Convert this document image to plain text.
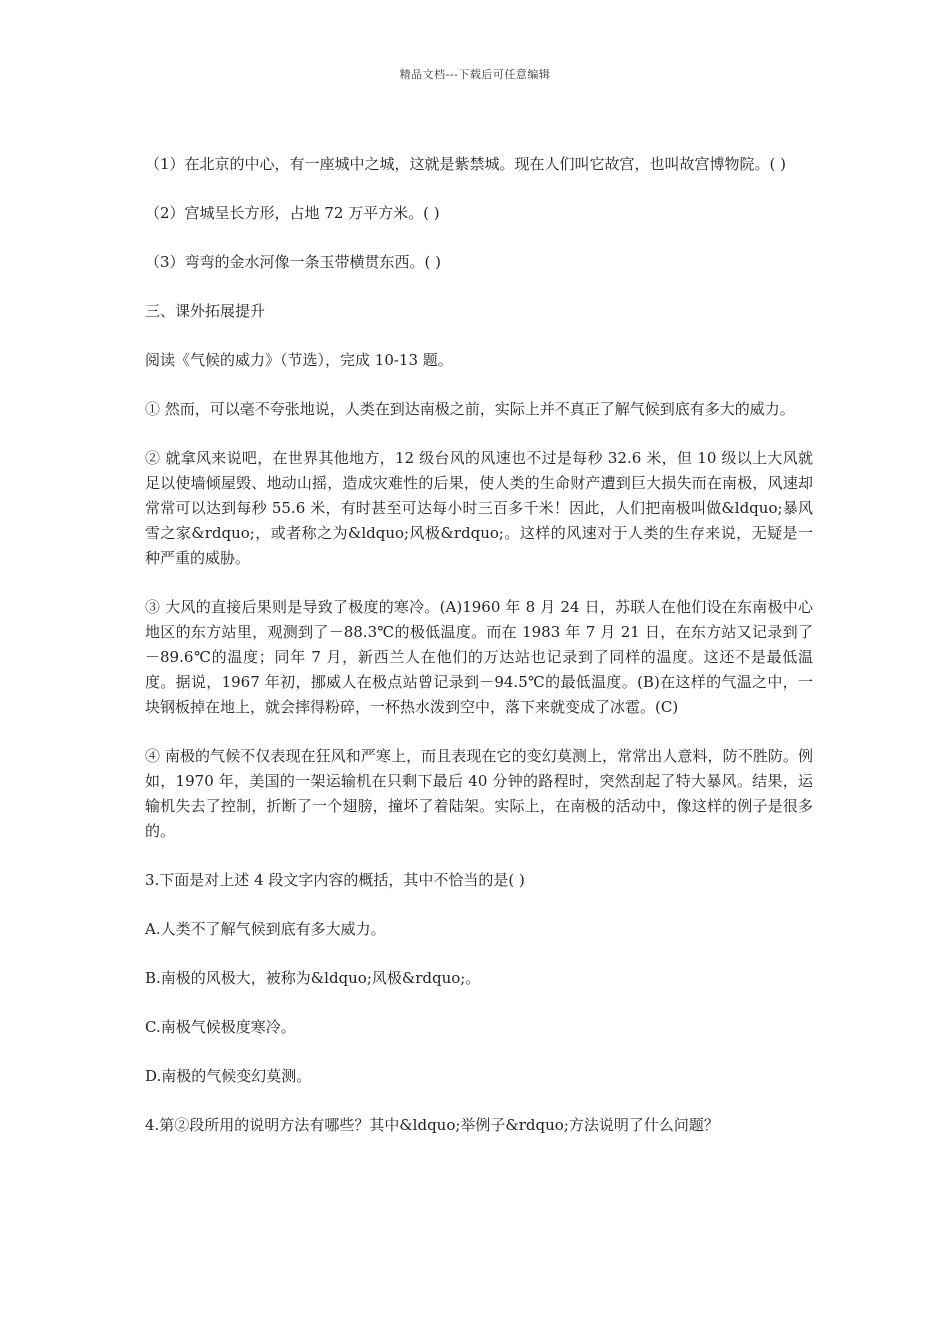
精品文档---下载后可任意编辑

（1）在北京的中心，有一座城中之城，这就是紫禁城。现在人们叫它故宫，也叫故宫博物院。( )

（2）宫城呈长方形，占地 72 万平方米。( )

（3）弯弯的金水河像一条玉带横贯东西。( )

三、课外拓展提升

阅读《气候的威力》（节选），完成 10-13 题。

① 然而，可以毫不夸张地说，人类在到达南极之前，实际上并不真正了解气候到底有多大的威力。

② 就拿风来说吧，在世界其他地方，12 级台风的风速也不过是每秒 32.6 米，但 10 级以上大风就足以使墙倾屋毁、地动山摇，造成灾难性的后果，使人类的生命财产遭到巨大损失而在南极，风速却常常可以达到每秒 55.6 米，有时甚至可达每小时三百多千米！因此，人们把南极叫做&ldquo;暴风雪之家&rdquo;，或者称之为&ldquo;风极&rdquo;。这样的风速对于人类的生存来说，无疑是一种严重的威胁。

③ 大风的直接后果则是导致了极度的寒冷。(A)1960 年 8 月 24 日，苏联人在他们设在东南极中心地区的东方站里，观测到了－88.3℃的极低温度。而在 1983 年 7 月 21 日，在东方站又记录到了－89.6℃的温度；同年 7 月，新西兰人在他们的万达站也记录到了同样的温度。这还不是最低温度。据说，1967 年初，挪威人在极点站曾记录到－94.5℃的最低温度。(B)在这样的气温之中，一块钢板掉在地上，就会摔得粉碎，一杯热水泼到空中，落下来就变成了冰雹。(C)

④ 南极的气候不仅表现在狂风和严寒上，而且表现在它的变幻莫测上，常常出人意料，防不胜防。例如，1970 年，美国的一架运输机在只剩下最后 40 分钟的路程时，突然刮起了特大暴风。结果，运输机失去了控制，折断了一个翅膀，撞坏了着陆架。实际上，在南极的活动中，像这样的例子是很多的。

3.下面是对上述 4 段文字内容的概括，其中不恰当的是( )

A.人类不了解气候到底有多大威力。

B.南极的风极大，被称为&ldquo;风极&rdquo;。

C.南极气候极度寒冷。

D.南极的气候变幻莫测。

4.第②段所用的说明方法有哪些？其中&ldquo;举例子&rdquo;方法说明了什么问题？
